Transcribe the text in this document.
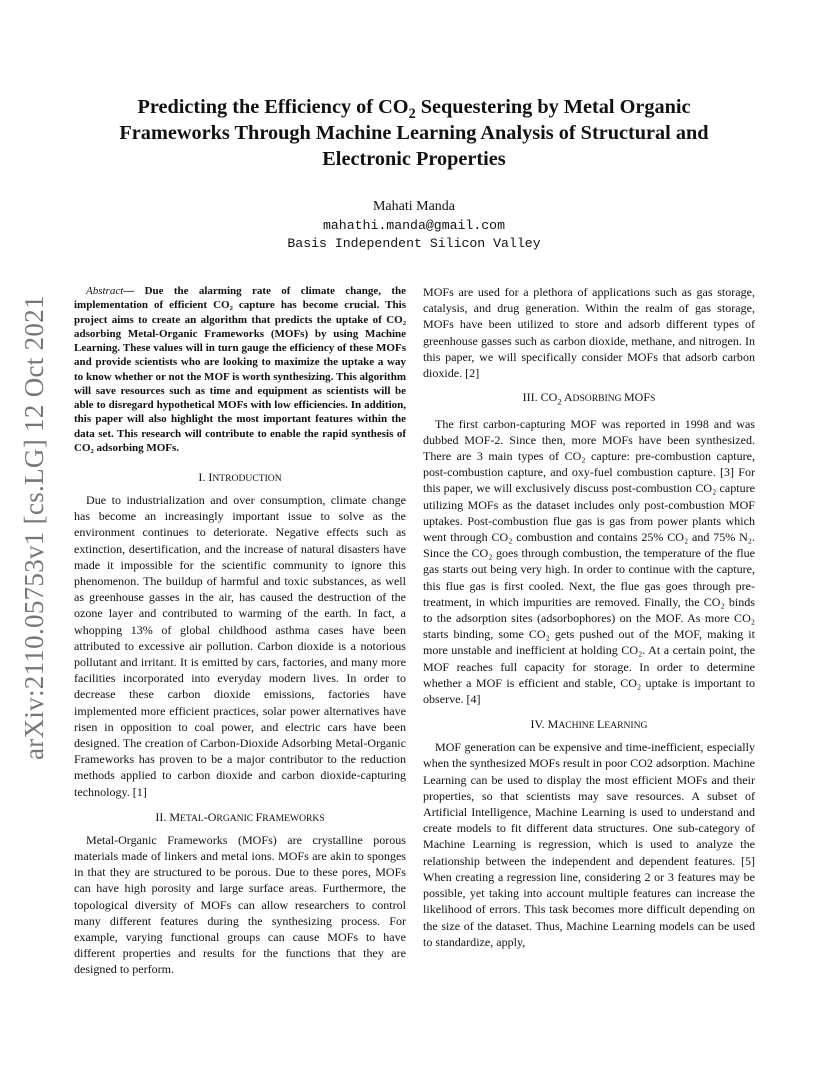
arXiv:2110.05753v1 [cs.LG] 12 Oct 2021
Predicting the Efficiency of $CO_2$ Sequestering by Metal Organic
Frameworks Through Machine Learning Analysis of Structural and
Electronic Properties
Mahati Manda
mahathi.manda@gmail.com
Basis Independent Silicon Valley

Abstract— Due the alarming rate of climate change, the implementation of efficient CO₂ capture has become crucial. This project aims to create an algorithm that predicts the uptake of CO₂ adsorbing Metal-Organic Frameworks (MOFs) by using Machine Learning. These values will in turn gauge the efficiency of these MOFs and provide scientists who are looking to maximize the uptake a way to know whether or not the MOF is worth synthesizing. This algorithm will save resources such as time and equipment as scientists will be able to disregard hypothetical MOFs with low efficiencies. In addition, this paper will also highlight the most important features within the data set. This research will contribute to enable the rapid synthesis of CO₂ adsorbing MOFs.

I. INTRODUCTION

Due to industrialization and over consumption, climate change has become an increasingly important issue to solve as the environment continues to deteriorate. Negative effects such as extinction, desertification, and the increase of natural disasters have made it impossible for the scientific community to ignore this phenomenon. The buildup of harmful and toxic substances, as well as greenhouse gasses in the air, has caused the destruction of the ozone layer and contributed to warming of the earth. In fact, a whopping 13% of global childhood asthma cases have been attributed to excessive air pollution. Carbon dioxide is a notorious pollutant and irritant. It is emitted by cars, factories, and many more facilities incorporated into everyday modern lives. In order to decrease these carbon dioxide emissions, factories have implemented more efficient practices, solar power alternatives have risen in opposition to coal power, and electric cars have been designed. The creation of Carbon-Dioxide Adsorbing Metal-Organic Frameworks has proven to be a major contributor to the reduction methods applied to carbon dioxide and carbon dioxide-capturing technology. [1]

II. METAL-ORGANIC FRAMEWORKS

Metal-Organic Frameworks (MOFs) are crystalline porous materials made of linkers and metal ions. MOFs are akin to sponges in that they are structured to be porous. Due to these pores, MOFs can have high porosity and large surface areas. Furthermore, the topological diversity of MOFs can allow researchers to control many different features during the synthesizing process. For example, varying functional groups can cause MOFs to have different properties and results for the functions that they are designed to perform.

MOFs are used for a plethora of applications such as gas storage, catalysis, and drug generation. Within the realm of gas storage, MOFs have been utilized to store and adsorb different types of greenhouse gasses such as carbon dioxide, methane, and nitrogen. In this paper, we will specifically consider MOFs that adsorb carbon dioxide. [2]

III. $CO_2$ ADSORBING MOFS

The first carbon-capturing MOF was reported in 1998 and was dubbed MOF-2. Since then, more MOFs have been synthesized. There are 3 main types of CO₂ capture: pre-combustion capture, post-combustion capture, and oxy-fuel combustion capture. [3] For this paper, we will exclusively discuss post-combustion CO₂ capture utilizing MOFs as the dataset includes only post-combustion MOF uptakes. Post-combustion flue gas is gas from power plants which went through CO₂ combustion and contains 25% CO₂ and 75% N₂. Since the CO₂ goes through combustion, the temperature of the flue gas starts out being very high. In order to continue with the capture, this flue gas is first cooled. Next, the flue gas goes through pre-treatment, in which impurities are removed. Finally, the CO₂ binds to the adsorption sites (adsorbophores) on the MOF. As more CO₂ starts binding, some CO₂ gets pushed out of the MOF, making it more unstable and inefficient at holding CO₂. At a certain point, the MOF reaches full capacity for storage. In order to determine whether a MOF is efficient and stable, CO₂ uptake is important to observe. [4]

IV. MACHINE LEARNING

MOF generation can be expensive and time-inefficient, especially when the synthesized MOFs result in poor CO2 adsorption. Machine Learning can be used to display the most efficient MOFs and their properties, so that scientists may save resources. A subset of Artificial Intelligence, Machine Learning is used to understand and create models to fit different data structures. One sub-category of Machine Learning is regression, which is used to analyze the relationship between the independent and dependent features. [5] When creating a regression line, considering 2 or 3 features may be possible, yet taking into account multiple features can increase the likelihood of errors. This task becomes more difficult depending on the size of the dataset. Thus, Machine Learning models can be used to standardize, apply,
